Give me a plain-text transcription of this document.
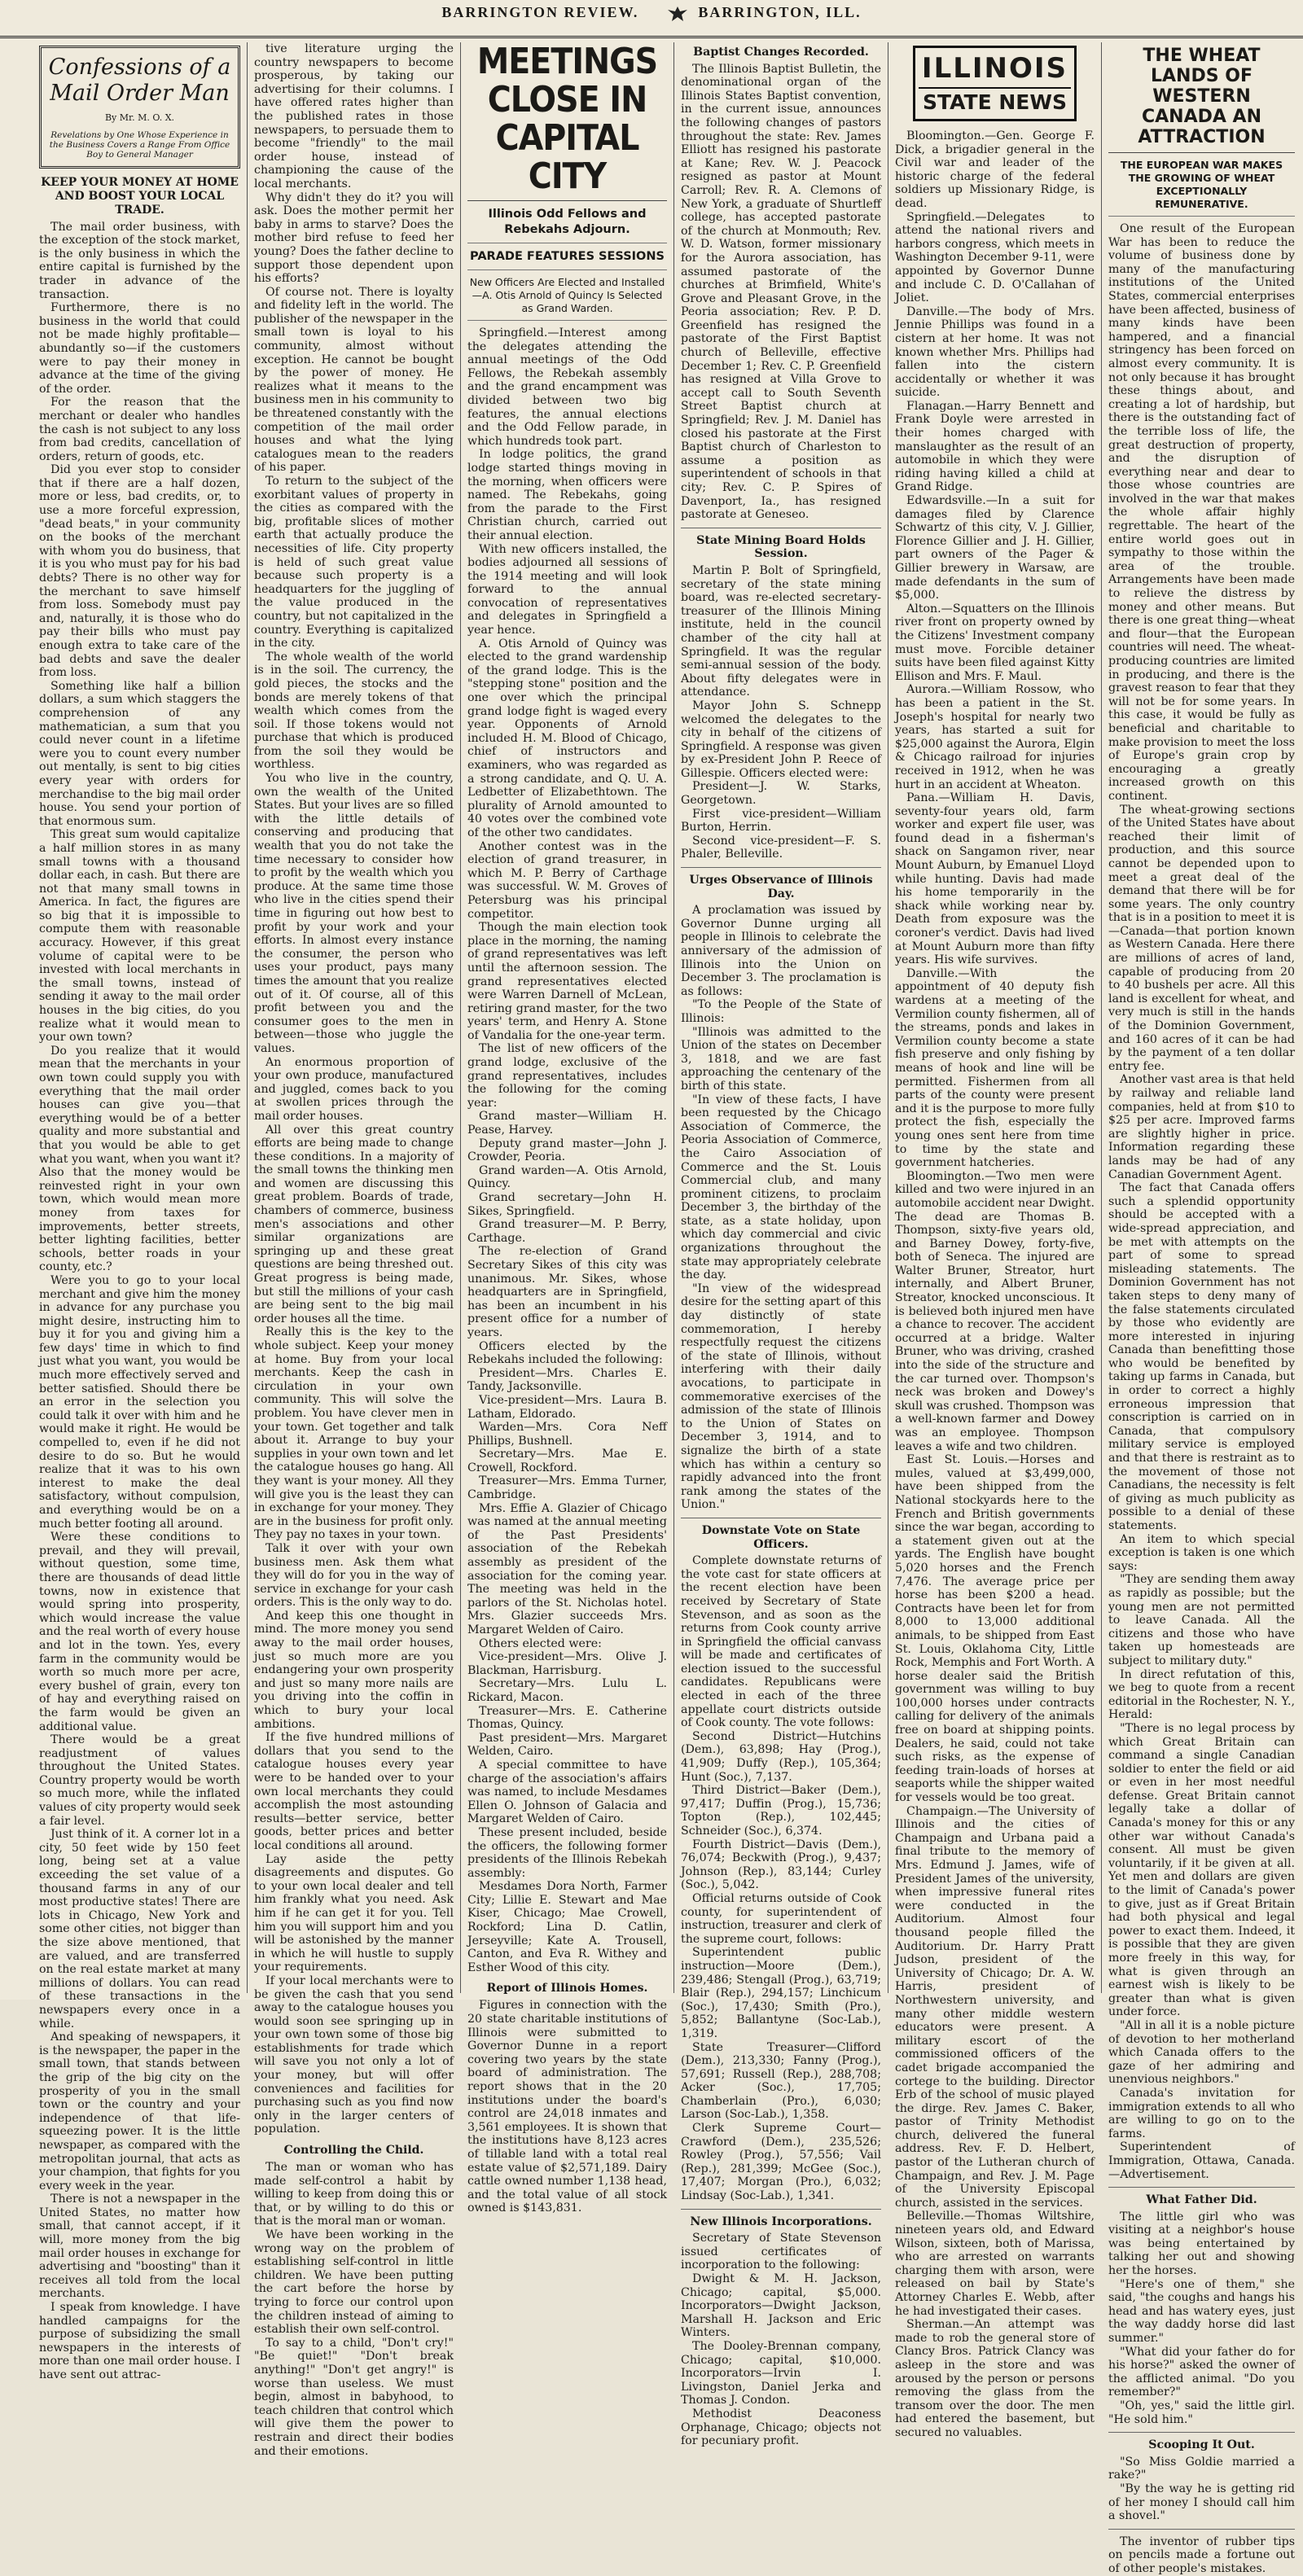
BARRINGTON REVIEW.	BARRINGTON, ILL.
Confessions of a Mail Order Man
By Mr. M. O. X.
Revelations by One Whose Experience in the Business Covers a Range From Office Boy to General Manager

KEEP YOUR MONEY AT HOME AND BOOST YOUR LOCAL TRADE.

The mail order business, with the exception of the stock market, is the only business in which the entire capital is furnished by the trader in advance of the transaction.

Furthermore, there is no business in the world that could not be made highly profitable—abundantly so—if the customers were to pay their money in advance at the time of the giving of the order.

For the reason that the merchant or dealer who handles the cash is not subject to any loss from bad credits, cancellation of orders, return of goods, etc.

Did you ever stop to consider that if there are a half dozen, more or less, bad credits, or, to use a more forceful expression, "dead beats," in your community on the books of the merchant with whom you do business, that it is you who must pay for his bad debts? There is no other way for the merchant to save himself from loss. Somebody must pay and, naturally, it is those who do pay their bills who must pay enough extra to take care of the bad debts and save the dealer from loss.

Something like half a billion dollars, a sum which staggers the comprehension of any mathematician, a sum that you could never count in a lifetime were you to count every number out mentally, is sent to big cities every year with orders for merchandise to the big mail order house. You send your portion of that enormous sum.

This great sum would capitalize a half million stores in as many small towns with a thousand dollar each, in cash. But there are not that many small towns in America. In fact, the figures are so big that it is impossible to compute them with reasonable accuracy. However, if this great volume of capital were to be invested with local merchants in the small towns, instead of sending it away to the mail order houses in the big cities, do you realize what it would mean to your own town?

Do you realize that it would mean that the merchants in your own town could supply you with everything that the mail order houses can give you—that everything would be of a better quality and more substantial and that you would be able to get what you want, when you want it? Also that the money would be reinvested right in your own town, which would mean more money from taxes for improvements, better streets, better lighting facilities, better schools, better roads in your county, etc.?

Were you to go to your local merchant and give him the money in advance for any purchase you might desire, instructing him to buy it for you and giving him a few days' time in which to find just what you want, you would be much more effectively served and better satisfied. Should there be an error in the selection you could talk it over with him and he would make it right. He would be compelled to, even if he did not desire to do so. But he would realize that it was to his own interest to make the deal satisfactory, without compulsion, and everything would be on a much better footing all around.

Were these conditions to prevail, and they will prevail, without question, some time, there are thousands of dead little towns, now in existence that would spring into prosperity, which would increase the value and the real worth of every house and lot in the town. Yes, every farm in the community would be worth so much more per acre, every bushel of grain, every ton of hay and everything raised on the farm would be given an additional value.

There would be a great readjustment of values throughout the United States. Country property would be worth so much more, while the inflated values of city property would seek a fair level.

Just think of it. A corner lot in a city, 50 feet wide by 150 feet long, being set at a value exceeding the set value of a thousand farms in any of our most productive states! There are lots in Chicago, New York and some other cities, not bigger than the size above mentioned, that are valued, and are transferred on the real estate market at many millions of dollars. You can read of these transactions in the newspapers every once in a while.

And speaking of newspapers, it is the newspaper, the paper in the small town, that stands between the grip of the big city on the prosperity of you in the small town or the country and your independence of that life-squeezing power. It is the little newspaper, as compared with the metropolitan journal, that acts as your champion, that fights for you every week in the year.

There is not a newspaper in the United States, no matter how small, that cannot accept, if it will, more money from the big mail order houses in exchange for advertising and "boosting" than it receives all told from the local merchants.

I speak from knowledge. I have handled campaigns for the purpose of subsidizing the small newspapers in the interests of more than one mail order house. I have sent out attrac-

tive literature urging the country newspapers to become prosperous, by taking our advertising for their columns. I have offered rates higher than the published rates in those newspapers, to persuade them to become "friendly" to the mail order house, instead of championing the cause of the local merchants.

Why didn't they do it? you will ask. Does the mother permit her baby in arms to starve? Does the mother bird refuse to feed her young? Does the father decline to support those dependent upon his efforts?

Of course not. There is loyalty and fidelity left in the world. The publisher of the newspaper in the small town is loyal to his community, almost without exception. He cannot be bought by the power of money. He realizes what it means to the business men in his community to be threatened constantly with the competition of the mail order houses and what the lying catalogues mean to the readers of his paper.

To return to the subject of the exorbitant values of property in the cities as compared with the big, profitable slices of mother earth that actually produce the necessities of life. City property is held of such great value because such property is a headquarters for the juggling of the value produced in the country, but not capitalized in the country. Everything is capitalized in the city.

The whole wealth of the world is in the soil. The currency, the gold pieces, the stocks and the bonds are merely tokens of that wealth which comes from the soil. If those tokens would not purchase that which is produced from the soil they would be worthless.

You who live in the country, own the wealth of the United States. But your lives are so filled with the little details of conserving and producing that wealth that you do not take the time necessary to consider how to profit by the wealth which you produce. At the same time those who live in the cities spend their time in figuring out how best to profit by your work and your efforts. In almost every instance the consumer, the person who uses your product, pays many times the amount that you realize out of it. Of course, all of this profit between you and the consumer goes to the men in between—those who juggle the values.

An enormous proportion of your own produce, manufactured and juggled, comes back to you at swollen prices through the mail order houses.

All over this great country efforts are being made to change these conditions. In a majority of the small towns the thinking men and women are discussing this great problem. Boards of trade, chambers of commerce, business men's associations and other similar organizations are springing up and these great questions are being threshed out. Great progress is being made, but still the millions of your cash are being sent to the big mail order houses all the time.

Really this is the key to the whole subject. Keep your money at home. Buy from your local merchants. Keep the cash in circulation in your own community. This will solve the problem. You have clever men in your town. Get together and talk about it. Arrange to buy your supplies in your own town and let the catalogue houses go hang. All they want is your money. All they will give you is the least they can in exchange for your money. They are in the business for profit only. They pay no taxes in your town.

Talk it over with your own business men. Ask them what they will do for you in the way of service in exchange for your cash orders. This is the only way to do.

And keep this one thought in mind. The more money you send away to the mail order houses, just so much more are you endangering your own prosperity and just so many more nails are you driving into the coffin in which to bury your local ambitions.

If the five hundred millions of dollars that you send to the catalogue houses every year were to be handed over to your own local merchants they could accomplish the most astounding results—better service, better goods, better prices and better local conditions all around.

Lay aside the petty disagreements and disputes. Go to your own local dealer and tell him frankly what you need. Ask him if he can get it for you. Tell him you will support him and you will be astonished by the manner in which he will hustle to supply your requirements.

If your local merchants were to be given the cash that you send away to the catalogue houses you would soon see springing up in your own town some of those big establishments for trade which will save you not only a lot of your money, but will offer conveniences and facilities for purchasing such as you find now only in the larger centers of population.

Controlling the Child.

The man or woman who has made self-control a habit by willing to keep from doing this or that, or by willing to do this or that is the moral man or woman.

We have been working in the wrong way on the problem of establishing self-control in little children. We have been putting the cart before the horse by trying to force our control upon the children instead of aiming to establish their own self-control.

To say to a child, "Don't cry!" "Be quiet!" "Don't break anything!" "Don't get angry!" is worse than useless. We must begin, almost in babyhood, to teach children that control which will give them the power to restrain and direct their bodies and their emotions.

MEETINGS CLOSE IN CAPITAL CITY
Illinois Odd Fellows and Rebekahs Adjourn.
PARADE FEATURES SESSIONS
New Officers Are Elected and Installed—A. Otis Arnold of Quincy Is Selected as Grand Warden.

Springfield.—Interest among the delegates attending the annual meetings of the Odd Fellows, the Rebekah assembly and the grand encampment was divided between two big features, the annual elections and the Odd Fellow parade, in which hundreds took part.

In lodge politics, the grand lodge started things moving in the morning, when officers were named. The Rebekahs, going from the parade to the First Christian church, carried out their annual election.

With new officers installed, the bodies adjourned all sessions of the 1914 meeting and will look forward to the annual convocation of representatives and delegates in Springfield a year hence.

A. Otis Arnold of Quincy was elected to the grand wardenship of the grand lodge. This is the "stepping stone" position and the one over which the principal grand lodge fight is waged every year. Opponents of Arnold included H. M. Blood of Chicago, chief of instructors and examiners, who was regarded as a strong candidate, and Q. U. A. Ledbetter of Elizabethtown. The plurality of Arnold amounted to 40 votes over the combined vote of the other two candidates.

Another contest was in the election of grand treasurer, in which M. P. Berry of Carthage was successful. W. M. Groves of Petersburg was his principal competitor.

Though the main election took place in the morning, the naming of grand representatives was left until the afternoon session. The grand representatives elected were Warren Darnell of McLean, retiring grand master, for the two years' term, and Henry A. Stone of Vandalia for the one-year term.

The list of new officers of the grand lodge, exclusive of the grand representatives, includes the following for the coming year:

Grand master—William H. Pease, Harvey.

Deputy grand master—John J. Crowder, Peoria.

Grand warden—A. Otis Arnold, Quincy.

Grand secretary—John H. Sikes, Springfield.

Grand treasurer—M. P. Berry, Carthage.

The re-election of Grand Secretary Sikes of this city was unanimous. Mr. Sikes, whose headquarters are in Springfield, has been an incumbent in his present office for a number of years.

Officers elected by the Rebekahs included the following:

President—Mrs. Charles E. Tandy, Jacksonville.

Vice-president—Mrs. Laura B. Latham, Eldorado.

Warden—Mrs. Cora Neff Phillips, Bushnell.

Secretary—Mrs. Mae E. Crowell, Rockford.

Treasurer—Mrs. Emma Turner, Cambridge.

Mrs. Effie A. Glazier of Chicago was named at the annual meeting of the Past Presidents' association of the Rebekah assembly as president of the association for the coming year. The meeting was held in the parlors of the St. Nicholas hotel. Mrs. Glazier succeeds Mrs. Margaret Welden of Cairo.

Others elected were:

Vice-president—Mrs. Olive J. Blackman, Harrisburg.

Secretary—Mrs. Lulu L. Rickard, Macon.

Treasurer—Mrs. E. Catherine Thomas, Quincy.

Past president—Mrs. Margaret Welden, Cairo.

A special committee to have charge of the association's affairs was named, to include Mesdames Ellen O. Johnson of Galacia and Margaret Welden of Cairo.

These present included, beside the officers, the following former presidents of the Illinois Rebekah assembly:

Mesdames Dora North, Farmer City; Lillie E. Stewart and Mae Kiser, Chicago; Mae Crowell, Rockford; Lina D. Catlin, Jerseyville; Kate A. Trousell, Canton, and Eva R. Withey and Esther Wood of this city.

Report of Illinois Homes.

Figures in connection with the 20 state charitable institutions of Illinois were submitted to Governor Dunne in a report covering two years by the state board of administration. The report shows that in the 20 institutions under the board's control are 24,018 inmates and 3,561 employees. It is shown that the institutions have 8,123 acres of tillable land with a total real estate value of $2,571,189. Dairy cattle owned number 1,138 head, and the total value of all stock owned is $143,831.

Baptist Changes Recorded.

The Illinois Baptist Bulletin, the denominational organ of the Illinois States Baptist convention, in the current issue, announces the following changes of pastors throughout the state: Rev. James Elliott has resigned his pastorate at Kane; Rev. W. J. Peacock resigned as pastor at Mount Carroll; Rev. R. A. Clemons of New York, a graduate of Shurtleff college, has accepted pastorate of the church at Monmouth; Rev. W. D. Watson, former missionary for the Aurora association, has assumed pastorate of the churches at Brimfield, White's Grove and Pleasant Grove, in the Peoria association; Rev. P. D. Greenfield has resigned the pastorate of the First Baptist church of Belleville, effective December 1; Rev. C. P. Greenfield has resigned at Villa Grove to accept call to South Seventh Street Baptist church at Springfield; Rev. J. M. Daniel has closed his pastorate at the First Baptist church of Charleston to assume a position as superintendent of schools in that city; Rev. C. P. Spires of Davenport, Ia., has resigned pastorate at Geneseo.

State Mining Board Holds Session.

Martin P. Bolt of Springfield, secretary of the state mining board, was re-elected secretary-treasurer of the Illinois Mining institute, held in the council chamber of the city hall at Springfield. It was the regular semi-annual session of the body. About fifty delegates were in attendance.

Mayor John S. Schnepp welcomed the delegates to the city in behalf of the citizens of Springfield. A response was given by ex-President John P. Reece of Gillespie. Officers elected were:

President—J. W. Starks, Georgetown.

First vice-president—William Burton, Herrin.

Second vice-president—F. S. Phaler, Belleville.

Urges Observance of Illinois Day.

A proclamation was issued by Governor Dunne urging all people in Illinois to celebrate the anniversary of the admission of Illinois into the Union on December 3. The proclamation is as follows:

"To the People of the State of Illinois:

"Illinois was admitted to the Union of the states on December 3, 1818, and we are fast approaching the centenary of the birth of this state.

"In view of these facts, I have been requested by the Chicago Association of Commerce, the Peoria Association of Commerce, the Cairo Association of Commerce and the St. Louis Commercial club, and many prominent citizens, to proclaim December 3, the birthday of the state, as a state holiday, upon which day commercial and civic organizations throughout the state may appropriately celebrate the day.

"In view of the widespread desire for the setting apart of this day distinctly of state commemoration, I hereby respectfully request the citizens of the state of Illinois, without interfering with their daily avocations, to participate in commemorative exercises of the admission of the state of Illinois to the Union of States on December 3, 1914, and to signalize the birth of a state which has within a century so rapidly advanced into the front rank among the states of the Union."

Downstate Vote on State Officers.

Complete downstate returns of the vote cast for state officers at the recent election have been received by Secretary of State Stevenson, and as soon as the returns from Cook county arrive in Springfield the official canvass will be made and certificates of election issued to the successful candidates. Republicans were elected in each of the three appellate court districts outside of Cook county. The vote follows:

Second District—Hutchins (Dem.), 63,898; Hay (Prog.), 41,909; Duffy (Rep.), 105,364; Hunt (Soc.), 7,137.

Third District—Baker (Dem.), 97,417; Duffin (Prog.), 15,736; Topton (Rep.), 102,445; Schneider (Soc.), 6,374.

Fourth District—Davis (Dem.), 76,074; Beckwith (Prog.), 9,437; Johnson (Rep.), 83,144; Curley (Soc.), 5,042.

Official returns outside of Cook county, for superintendent of instruction, treasurer and clerk of the supreme court, follows:

Superintendent public instruction—Moore (Dem.), 239,486; Stengall (Prog.), 63,719; Blair (Rep.), 294,157; Linchicum (Soc.), 17,430; Smith (Pro.), 5,852; Ballantyne (Soc-Lab.), 1,319.

State Treasurer—Clifford (Dem.), 213,330; Fanny (Prog.), 57,691; Russell (Rep.), 288,708; Acker (Soc.), 17,705; Chamberlain (Pro.), 6,030; Larson (Soc-Lab.), 1,358.

Clerk Supreme Court—Crawford (Dem.), 235,526; Rowley (Prog.), 57,556; Vail (Rep.), 281,399; McGee (Soc.), 17,407; Morgan (Pro.), 6,032; Lindsay (Soc-Lab.), 1,341.

New Illinois Incorporations.

Secretary of State Stevenson issued certificates of incorporation to the following:

Dwight & M. H. Jackson, Chicago; capital, $5,000. Incorporators—Dwight Jackson, Marshall H. Jackson and Eric Winters.

The Dooley-Brennan company, Chicago; capital, $10,000. Incorporators—Irvin I. Livingston, Daniel Jerka and Thomas J. Condon.

Methodist Deaconess Orphanage, Chicago; objects not for pecuniary profit.

ILLINOIS
STATE NEWS

Bloomington.—Gen. George F. Dick, a brigadier general in the Civil war and leader of the historic charge of the federal soldiers up Missionary Ridge, is dead.

Springfield.—Delegates to attend the national rivers and harbors congress, which meets in Washington December 9-11, were appointed by Governor Dunne and include C. D. O'Callahan of Joliet.

Danville.—The body of Mrs. Jennie Phillips was found in a cistern at her home. It was not known whether Mrs. Phillips had fallen into the cistern accidentally or whether it was suicide.

Flanagan.—Harry Bennett and Frank Doyle were arrested in their homes charged with manslaughter as the result of an automobile in which they were riding having killed a child at Grand Ridge.

Edwardsville.—In a suit for damages filed by Clarence Schwartz of this city, V. J. Gillier, Florence Gillier and J. H. Gillier, part owners of the Pager & Gillier brewery in Warsaw, are made defendants in the sum of $5,000.

Alton.—Squatters on the Illinois river front on property owned by the Citizens' Investment company must move. Forcible detainer suits have been filed against Kitty Ellison and Mrs. F. Maul.

Aurora.—William Rossow, who has been a patient in the St. Joseph's hospital for nearly two years, has started a suit for $25,000 against the Aurora, Elgin & Chicago railroad for injuries received in 1912, when he was hurt in an accident at Wheaton.

Pana.—William H. Davis, seventy-four years old, farm worker and expert file user, was found dead in a fisherman's shack on Sangamon river, near Mount Auburn, by Emanuel Lloyd while hunting. Davis had made his home temporarily in the shack while working near by. Death from exposure was the coroner's verdict. Davis had lived at Mount Auburn more than fifty years. His wife survives.

Danville.—With the appointment of 40 deputy fish wardens at a meeting of the Vermilion county fishermen, all of the streams, ponds and lakes in Vermilion county become a state fish preserve and only fishing by means of hook and line will be permitted. Fishermen from all parts of the county were present and it is the purpose to more fully protect the fish, especially the young ones sent here from time to time by the state and government hatcheries.

Bloomington.—Two men were killed and two were injured in an automobile accident near Dwight. The dead are Thomas B. Thompson, sixty-five years old, and Barney Dowey, forty-five, both of Seneca. The injured are Walter Bruner, Streator, hurt internally, and Albert Bruner, Streator, knocked unconscious. It is believed both injured men have a chance to recover. The accident occurred at a bridge. Walter Bruner, who was driving, crashed into the side of the structure and the car turned over. Thompson's neck was broken and Dowey's skull was crushed. Thompson was a well-known farmer and Dowey was an employee. Thompson leaves a wife and two children.

East St. Louis.—Horses and mules, valued at $3,499,000, have been shipped from the National stockyards here to the French and British governments since the war began, according to a statement given out at the yards. The English have bought 5,020 horses and the French 7,476. The average price per horse has been $200 a head. Contracts have been let for from 8,000 to 13,000 additional animals, to be shipped from East St. Louis, Oklahoma City, Little Rock, Memphis and Fort Worth. A horse dealer said the British government was willing to buy 100,000 horses under contracts calling for delivery of the animals free on board at shipping points. Dealers, he said, could not take such risks, as the expense of feeding train-loads of horses at seaports while the shipper waited for vessels would be too great.

Champaign.—The University of Illinois and the cities of Champaign and Urbana paid a final tribute to the memory of Mrs. Edmund J. James, wife of President James of the university, when impressive funeral rites were conducted in the Auditorium. Almost four thousand people filled the Auditorium. Dr. Harry Pratt Judson, president of the University of Chicago; Dr. A. W. Harris, president of Northwestern university, and many other middle western educators were present. A military escort of the commissioned officers of the cadet brigade accompanied the cortege to the building. Director Erb of the school of music played the dirge. Rev. James C. Baker, pastor of Trinity Methodist church, delivered the funeral address. Rev. F. D. Helbert, pastor of the Lutheran church of Champaign, and Rev. J. M. Page of the University Episcopal church, assisted in the services.

Belleville.—Thomas Wiltshire, nineteen years old, and Edward Wilson, sixteen, both of Marissa, who are arrested on warrants charging them with arson, were released on bail by State's Attorney Charles E. Webb, after he had investigated their cases.

Sherman.—An attempt was made to rob the general store of Clancy Bros. Patrick Clancy was asleep in the store and was aroused by the person or persons removing the glass from the transom over the door. The men had entered the basement, but secured no valuables.

THE WHEAT LANDS OF WESTERN CANADA AN ATTRACTION
THE EUROPEAN WAR MAKES THE GROWING OF WHEAT EXCEPTIONALLY REMUNERATIVE.

One result of the European War has been to reduce the volume of business done by many of the manufacturing institutions of the United States, commercial enterprises have been affected, business of many kinds have been hampered, and a financial stringency has been forced on almost every community. It is not only because it has brought these things about, and creating a lot of hardship, but there is the outstanding fact of the terrible loss of life, the great destruction of property, and the disruption of everything near and dear to those whose countries are involved in the war that makes the whole affair highly regrettable. The heart of the entire world goes out in sympathy to those within the area of the trouble. Arrangements have been made to relieve the distress by money and other means. But there is one great thing—wheat and flour—that the European countries will need. The wheat-producing countries are limited in producing, and there is the gravest reason to fear that they will not be for some years. In this case, it would be fully as beneficial and charitable to make provision to meet the loss of Europe's grain crop by encouraging a greatly increased growth on this continent.

The wheat-growing sections of the United States have about reached their limit of production, and this source cannot be depended upon to meet a great deal of the demand that there will be for some years. The only country that is in a position to meet it is—Canada—that portion known as Western Canada. Here there are millions of acres of land, capable of producing from 20 to 40 bushels per acre. All this land is excellent for wheat, and very much is still in the hands of the Dominion Government, and 160 acres of it can be had by the payment of a ten dollar entry fee.

Another vast area is that held by railway and reliable land companies, held at from $10 to $25 per acre. Improved farms are slightly higher in price. Information regarding these lands may be had of any Canadian Government Agent.

The fact that Canada offers such a splendid opportunity should be accepted with a wide-spread appreciation, and be met with attempts on the part of some to spread misleading statements. The Dominion Government has not taken steps to deny many of the false statements circulated by those who evidently are more interested in injuring Canada than benefitting those who would be benefited by taking up farms in Canada, but in order to correct a highly erroneous impression that conscription is carried on in Canada, that compulsory military service is employed and that there is restraint as to the movement of those not Canadians, the necessity is felt of giving as much publicity as possible to a denial of these statements.

An item to which special exception is taken is one which says:

"They are sending them away as rapidly as possible; but the young men are not permitted to leave Canada. All the citizens and those who have taken up homesteads are subject to military duty."

In direct refutation of this, we beg to quote from a recent editorial in the Rochester, N. Y., Herald:

"There is no legal process by which Great Britain can command a single Canadian soldier to enter the field or aid or even in her most needful defense. Great Britain cannot legally take a dollar of Canada's money for this or any other war without Canada's consent. All must be given voluntarily, if it be given at all. Yet men and dollars are given to the limit of Canada's power to give, just as if Great Britain had both physical and legal power to exact them. Indeed, it is possible that they are given more freely in this way, for what is given through an earnest wish is likely to be greater than what is given under force.

"All in all it is a noble picture of devotion to her motherland which Canada offers to the gaze of her admiring and unenvious neighbors."

Canada's invitation for immigration extends to all who are willing to go on to the farms.

Superintendent of Immigration, Ottawa, Canada.—Advertisement.

What Father Did.

The little girl who was visiting at a neighbor's house was being entertained by talking her out and showing her the horses.

"Here's one of them," she said, "the coughs and hangs his head and has watery eyes, just the way daddy horse did last summer."

"What did your father do for his horse?" asked the owner of the afflicted animal. "Do you remember?"

"Oh, yes," said the little girl. "He sold him."

Scooping It Out.

"So Miss Goldie married a rake?"

"By the way he is getting rid of her money I should call him a shovel."

The inventor of rubber tips on pencils made a fortune out of other people's mistakes.
